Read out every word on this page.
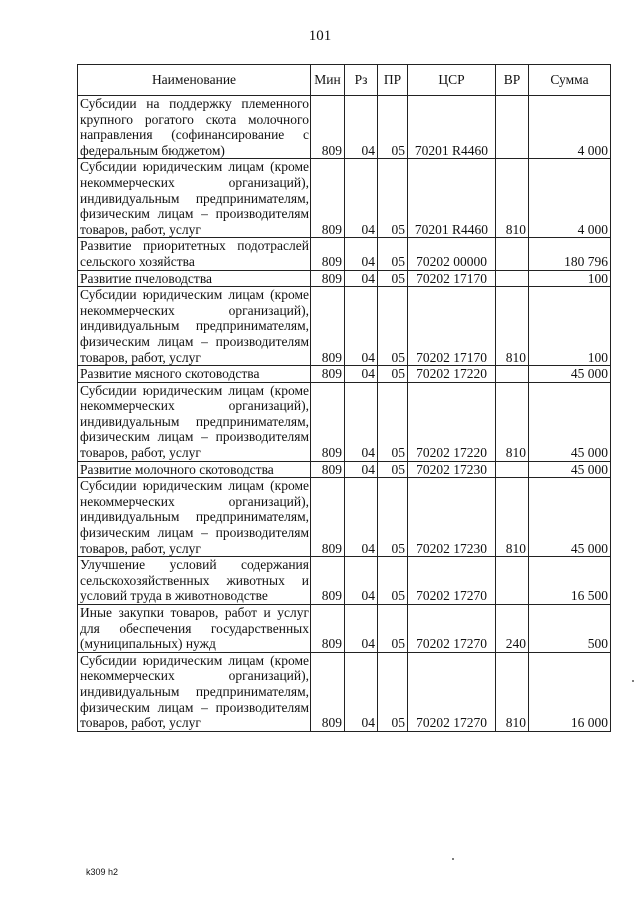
101
Наименование	Мин	Рз	ПР	ЦСР	ВР	Сумма
Субсидии на поддержку племенного крупного рогатого скота молочного направления (софинансирование с федеральным бюджетом)	809	04	05	70201 R4460		4 000
Субсидии юридическим лицам (кроме некоммерческих организаций), индивидуальным предпринимателям, физическим лицам – производителям товаров, работ, услуг	809	04	05	70201 R4460	810	4 000
Развитие приоритетных подотраслей сельского хозяйства	809	04	05	70202 00000		180 796
Развитие пчеловодства	809	04	05	70202 17170		100
Субсидии юридическим лицам (кроме некоммерческих организаций), индивидуальным предпринимателям, физическим лицам – производителям товаров, работ, услуг	809	04	05	70202 17170	810	100
Развитие мясного скотоводства	809	04	05	70202 17220		45 000
Субсидии юридическим лицам (кроме некоммерческих организаций), индивидуальным предпринимателям, физическим лицам – производителям товаров, работ, услуг	809	04	05	70202 17220	810	45 000
Развитие молочного скотоводства	809	04	05	70202 17230		45 000
Субсидии юридическим лицам (кроме некоммерческих организаций), индивидуальным предпринимателям, физическим лицам – производителям товаров, работ, услуг	809	04	05	70202 17230	810	45 000
Улучшение условий содержания сельскохозяйственных животных и условий труда в животноводстве	809	04	05	70202 17270		16 500
Иные закупки товаров, работ и услуг для обеспечения государственных (муниципальных) нужд	809	04	05	70202 17270	240	500
Субсидии юридическим лицам (кроме некоммерческих организаций), индивидуальным предпринимателям, физическим лицам – производителям товаров, работ, услуг	809	04	05	70202 17270	810	16 000
k309 h2
